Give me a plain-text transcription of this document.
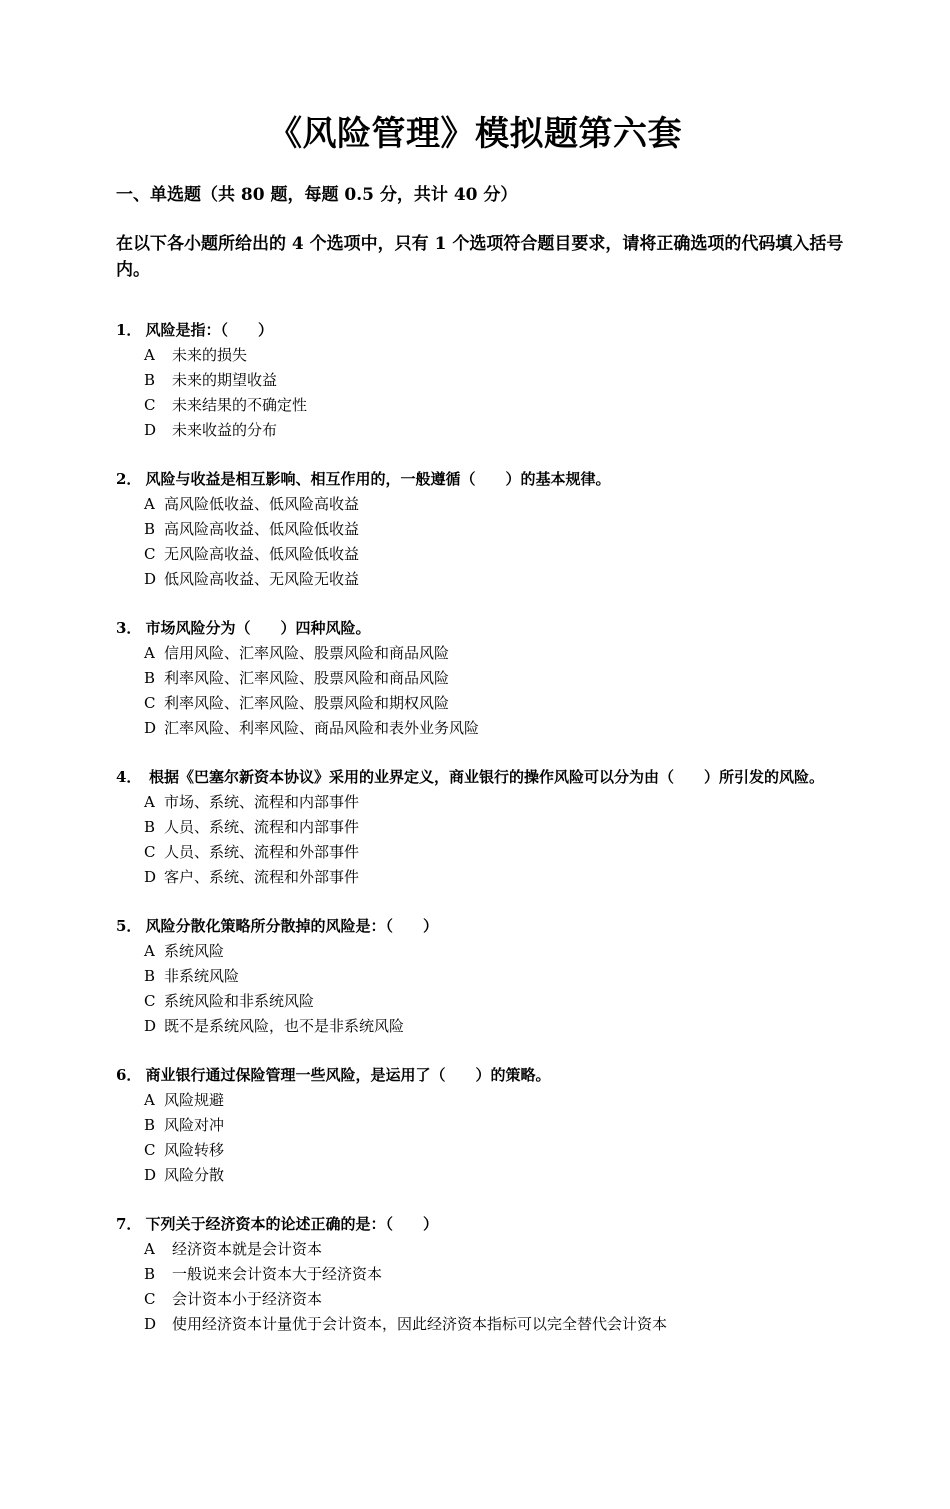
《风险管理》模拟题第六套
一、单选题（共 80 题，每题 0.5 分，共计 40 分）
在以下各小题所给出的 4 个选项中，只有 1 个选项符合题目要求，请将正确选项的代码填入括号内。
1． 风险是指：（　　）
A	未来的损失
B	未来的期望收益
C	未来结果的不确定性
D	未来收益的分布
2． 风险与收益是相互影响、相互作用的，一般遵循（　　）的基本规律。
A 高风险低收益、低风险高收益
B 高风险高收益、低风险低收益
C 无风险高收益、低风险低收益
D 低风险高收益、无风险无收益
3． 市场风险分为（　　）四种风险。
A 信用风险、汇率风险、股票风险和商品风险
B 利率风险、汇率风险、股票风险和商品风险
C 利率风险、汇率风险、股票风险和期权风险
D 汇率风险、利率风险、商品风险和表外业务风险
4． 根据《巴塞尔新资本协议》采用的业界定义，商业银行的操作风险可以分为由（　　）所引发的风险。
A 市场、系统、流程和内部事件
B 人员、系统、流程和内部事件
C 人员、系统、流程和外部事件
D 客户、系统、流程和外部事件
5． 风险分散化策略所分散掉的风险是：（　　）
A 系统风险
B 非系统风险
C 系统风险和非系统风险
D 既不是系统风险，也不是非系统风险
6． 商业银行通过保险管理一些风险，是运用了（　　）的策略。
A 风险规避
B 风险对冲
C 风险转移
D 风险分散
7． 下列关于经济资本的论述正确的是：（　　）
A	经济资本就是会计资本
B	一般说来会计资本大于经济资本
C	会计资本小于经济资本
D	使用经济资本计量优于会计资本，因此经济资本指标可以完全替代会计资本
